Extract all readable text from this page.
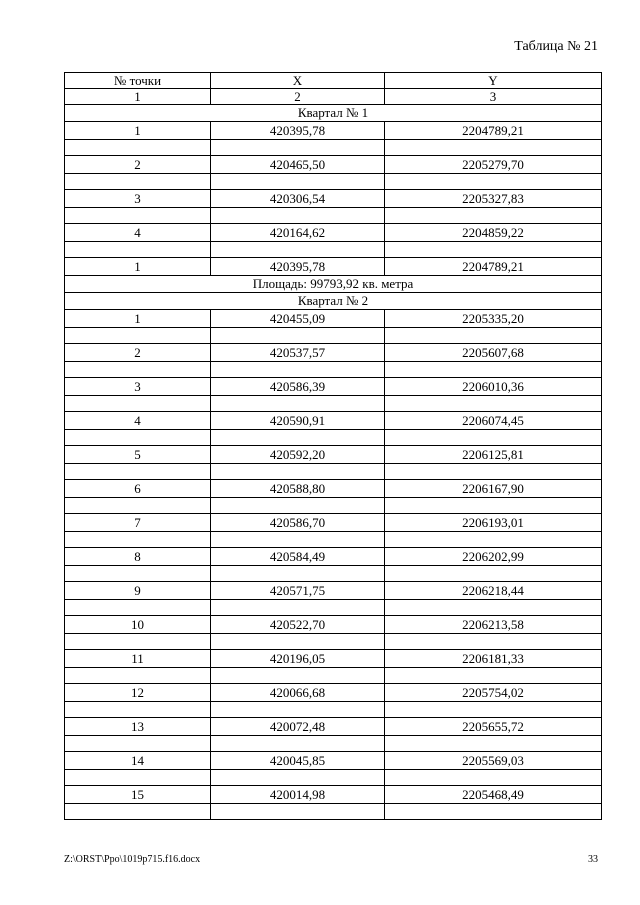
Таблица № 21
№ точки	X	Y
1	2	3
Квартал № 1		
1	420395,78	2204789,21

2	420465,50	2205279,70

3	420306,54	2205327,83

4	420164,62	2204859,22

1	420395,78	2204789,21
Площадь: 99793,92 кв. метра		
Квартал № 2		
1	420455,09	2205335,20

2	420537,57	2205607,68

3	420586,39	2206010,36

4	420590,91	2206074,45

5	420592,20	2206125,81

6	420588,80	2206167,90

7	420586,70	2206193,01

8	420584,49	2206202,99

9	420571,75	2206218,44

10	420522,70	2206213,58

11	420196,05	2206181,33

12	420066,68	2205754,02

13	420072,48	2205655,72

14	420045,85	2205569,03

15	420014,98	2205468,49

Z:\ORST\Ppo\1019p715.f16.docx	33
